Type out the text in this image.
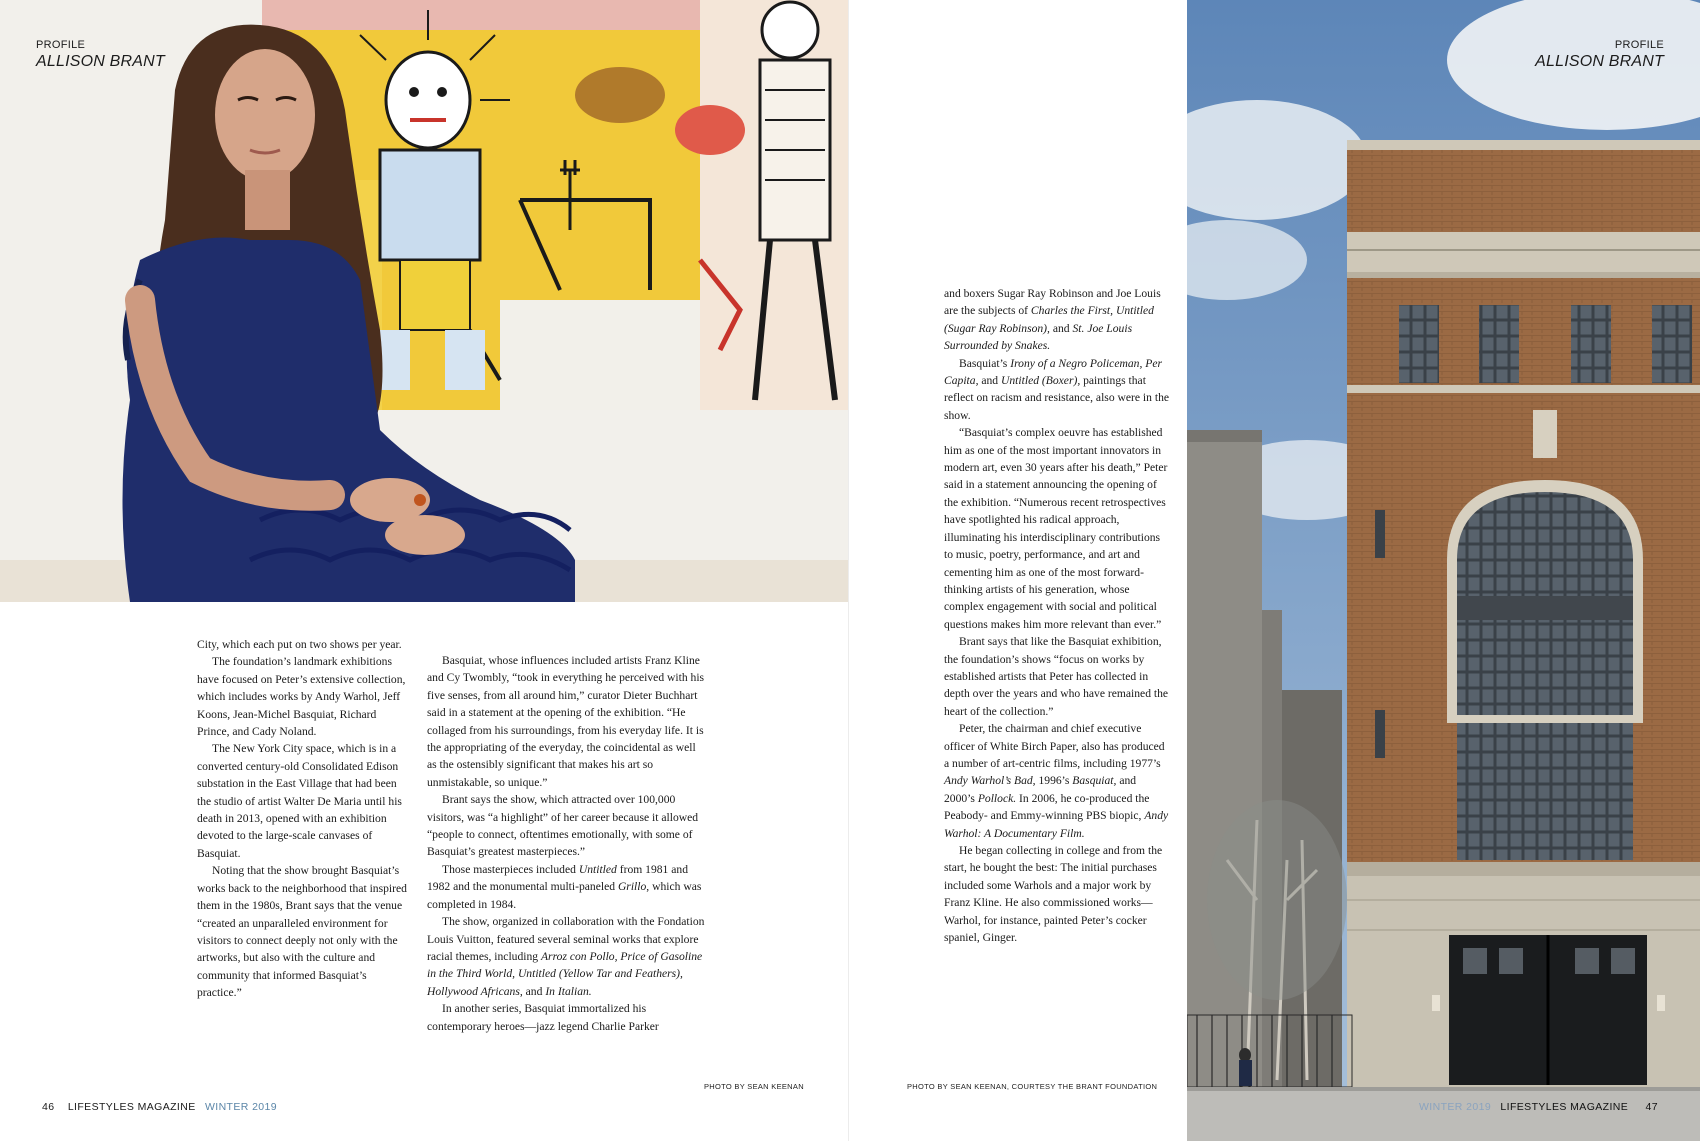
PROFILE
ALLISON BRANT

City, which each put on two shows per year.

The foundation’s landmark exhibitions have focused on Peter’s extensive collection, which includes works by Andy Warhol, Jeff Koons, Jean-Michel Basquiat, Richard Prince, and Cady Noland.

The New York City space, which is in a converted century-old Consolidated Edison substation in the East Village that had been the studio of artist Walter De Maria until his death in 2013, opened with an exhibition devoted to the large-scale canvases of Basquiat.

Noting that the show brought Basquiat’s works back to the neighborhood that inspired them in the 1980s, Brant says that the venue “created an unparalleled environment for visitors to connect deeply not only with the artworks, but also with the culture and community that informed Basquiat’s practice.”

Basquiat, whose influences included artists Franz Kline and Cy Twombly, “took in everything he perceived with his five senses, from all around him,” curator Dieter Buchhart said in a statement at the opening of the exhibition. “He collaged from his surroundings, from his everyday life. It is the appropriating of the everyday, the coincidental as well as the ostensibly significant that makes his art so unmistakable, so unique.”

Brant says the show, which attracted over 100,000 visitors, was “a highlight” of her career because it allowed “people to connect, oftentimes emotionally, with some of Basquiat’s greatest masterpieces.”

Those masterpieces included Untitled from 1981 and 1982 and the monumental multi-paneled Grillo, which was completed in 1984.

The show, organized in collaboration with the Fondation Louis Vuitton, featured several seminal works that explore racial themes, including Arroz con Pollo, Price of Gasoline in the Third World, Untitled (Yellow Tar and Feathers), Hollywood Africans, and In Italian.

In another series, Basquiat immortalized his contemporary heroes—jazz legend Charlie Parker

PHOTO BY SEAN KEENAN
46 LIFESTYLES MAGAZINE WINTER 2019

and boxers Sugar Ray Robinson and Joe Louis are the subjects of Charles the First, Untitled (Sugar Ray Robinson), and St. Joe Louis Surrounded by Snakes.

Basquiat’s Irony of a Negro Policeman, Per Capita, and Untitled (Boxer), paintings that reflect on racism and resistance, also were in the show.

“Basquiat’s complex oeuvre has established him as one of the most important innovators in modern art, even 30 years after his death,” Peter said in a statement announcing the opening of the exhibition. “Numerous recent retrospectives have spotlighted his radical approach, illuminating his interdisciplinary contributions to music, poetry, performance, and art and cementing him as one of the most forward-thinking artists of his generation, whose complex engagement with social and political questions makes him more relevant than ever.”

Brant says that like the Basquiat exhibition, the foundation’s shows “focus on works by established artists that Peter has collected in depth over the years and who have remained the heart of the collection.”

Peter, the chairman and chief executive officer of White Birch Paper, also has produced a number of art-centric films, including 1977’s Andy Warhol’s Bad, 1996’s Basquiat, and 2000’s Pollock. In 2006, he co-produced the Peabody- and Emmy-winning PBS biopic, Andy Warhol: A Documentary Film.

He began collecting in college and from the start, he bought the best: The initial purchases included some Warhols and a major work by Franz Kline. He also commissioned works—Warhol, for instance, painted Peter’s cocker spaniel, Ginger.

PHOTO BY SEAN KEENAN, COURTESY THE BRANT FOUNDATION
WINTER 2019 LIFESTYLES MAGAZINE 47
PROFILE
ALLISON BRANT
